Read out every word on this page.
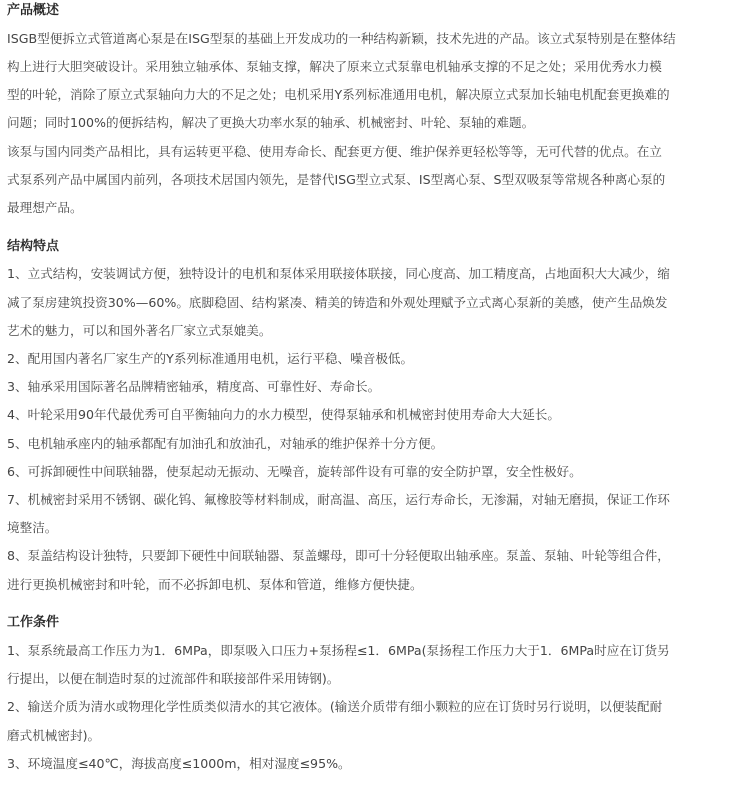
产品概述
ISGB型便拆立式管道离心泵是在ISG型泵的基础上开发成功的一种结构新颖，技术先进的产品。该立式泵特别是在整体结
构上进行大胆突破设计。采用独立轴承体、泵轴支撑，解决了原来立式泵靠电机轴承支撑的不足之处；采用优秀水力模
型的叶轮，消除了原立式泵轴向力大的不足之处；电机采用Y系列标准通用电机，解决原立式泵加长轴电机配套更换难的
问题；同时100%的便拆结构，解决了更换大功率水泵的轴承、机械密封、叶轮、泵轴的难题。
该泵与国内同类产品相比，具有运转更平稳、使用寿命长、配套更方便、维护保养更轻松等等，无可代替的优点。在立
式泵系列产品中属国内前列，各项技术居国内领先，是替代ISG型立式泵、IS型离心泵、S型双吸泵等常规各种离心泵的
最理想产品。
结构特点
1、立式结构，安装调试方便，独特设计的电机和泵体采用联接体联接，同心度高、加工精度高，占地面积大大减少，缩
减了泵房建筑投资30%—60%。底脚稳固、结构紧凑、精美的铸造和外观处理赋予立式离心泵新的美感，使产生品焕发
艺术的魅力，可以和国外著名厂家立式泵媲美。
2、配用国内著名厂家生产的Y系列标准通用电机，运行平稳、噪音极低。
3、轴承采用国际著名品牌精密轴承，精度高、可靠性好、寿命长。
4、叶轮采用90年代最优秀可自平衡轴向力的水力模型，使得泵轴承和机械密封使用寿命大大延长。
5、电机轴承座内的轴承都配有加油孔和放油孔，对轴承的维护保养十分方便。
6、可拆卸硬性中间联轴器，使泵起动无振动、无噪音，旋转部件设有可靠的安全防护罩，安全性极好。
7、机械密封采用不锈钢、碳化钨、氟橡胶等材料制成，耐高温、高压，运行寿命长，无渗漏，对轴无磨损，保证工作环
境整洁。
8、泵盖结构设计独特，只要卸下硬性中间联轴器、泵盖螺母，即可十分轻便取出轴承座。泵盖、泵轴、叶轮等组合件，
进行更换机械密封和叶轮，而不必拆卸电机、泵体和管道，维修方便快捷。
工作条件
1、泵系统最高工作压力为1．6MPa，即泵吸入口压力+泵扬程≤1．6MPa(泵扬程工作压力大于1．6MPa时应在订货另
行提出，以便在制造时泵的过流部件和联接部件采用铸钢)。
2、输送介质为清水或物理化学性质类似清水的其它液体。(输送介质带有细小颗粒的应在订货时另行说明，以便装配耐
磨式机械密封)。
3、环境温度≤40℃，海拔高度≤1000m，相对湿度≤95%。
